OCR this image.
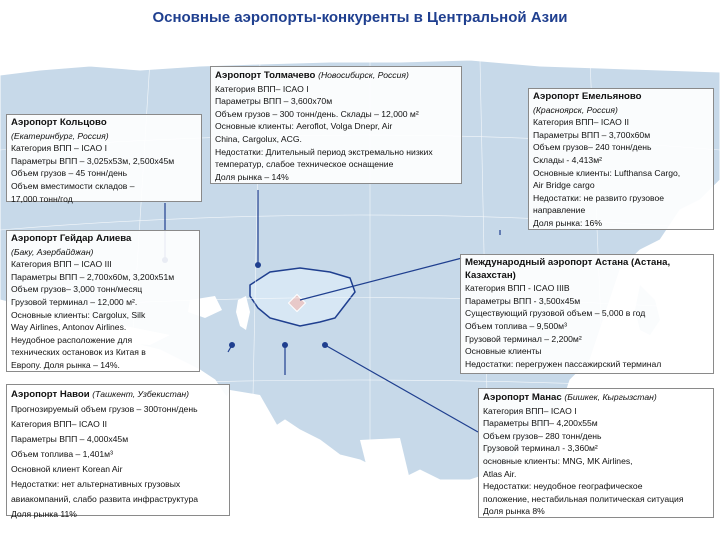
Основные аэропорты-конкуренты в Центральной Азии
Аэропорт Толмачево (Новосибирск, Россия)
Категория ВПП– ICAO I
Параметры ВПП – 3,600x70м
Объем грузов – 300 тонн/день. Склады – 12,000 м²
Основные клиенты: Aeroflot, Volga Dnepr, Air
China, Cargolux, ACG.
Недостатки: Длительный период экстремально низких
температур, слабое техническое оснащение
Доля рынка – 14%
Аэропорт Кольцово
(Екатеринбург, Россия)
Категория ВПП – ICAO I
Параметры ВПП – 3,025x53м, 2,500x45м
Объем грузов – 45 тонн/день
Объем вместимости складов –
17,000 тонн/год
Аэропорт Емельяново
(Красноярск, Россия)
Категория ВПП– ICAO II
Параметры ВПП – 3,700x60м
Объем грузов– 240 тонн/день
Склады - 4,413м²
Основные клиенты: Lufthansa Cargo,
Air Bridge cargo
Недостатки: не развито грузовое
направление
Доля рынка: 16%
Аэропорт Гейдар Алиева
(Баку, Азербайджан)
Категория ВПП – ICAO III
Параметры ВПП – 2,700x60м, 3,200x51м
Объем грузов– 3,000 тонн/месяц
Грузовой терминал – 12,000 м².
Основные клиенты: Cargolux, Silk
Way Airlines, Antonov Airlines.
Неудобное расположение для
технических остановок из Китая в
Европу. Доля рынка – 14%.
Международный аэропорт Астана (Астана,
Казахстан)
Категория ВПП - ICAO IIIB
Параметры ВПП - 3,500x45м
Существующий грузовой объем – 5,000 в год
Объем топлива – 9,500м³
Грузовой терминал – 2,200м²
Основные клиенты
Недостатки: перегружен пассажирский терминал
Аэропорт Навои (Ташкент, Узбекистан)
Прогнозируемый объем грузов – 300тонн/день
Категория ВПП– ICAO II
Параметры ВПП – 4,000x45м
Объем топлива – 1,401м³
Основной клиент Korean Air
Недостатки: нет альтернативных грузовых
авиакомпаний, слабо развита инфраструктура
Доля рынка 11%
Аэропорт Манас (Бишкек, Кыргызстан)
Категория ВПП– ICAO I
Параметры ВПП– 4,200x55м
Объем грузов– 280 тонн/день
Грузовой терминал - 3,360м²
основные клиенты: MNG, MK Airlines,
Atlas Air.
Недостатки: неудобное географическое
положение, нестабильная политическая ситуация
Доля рынка 8%
